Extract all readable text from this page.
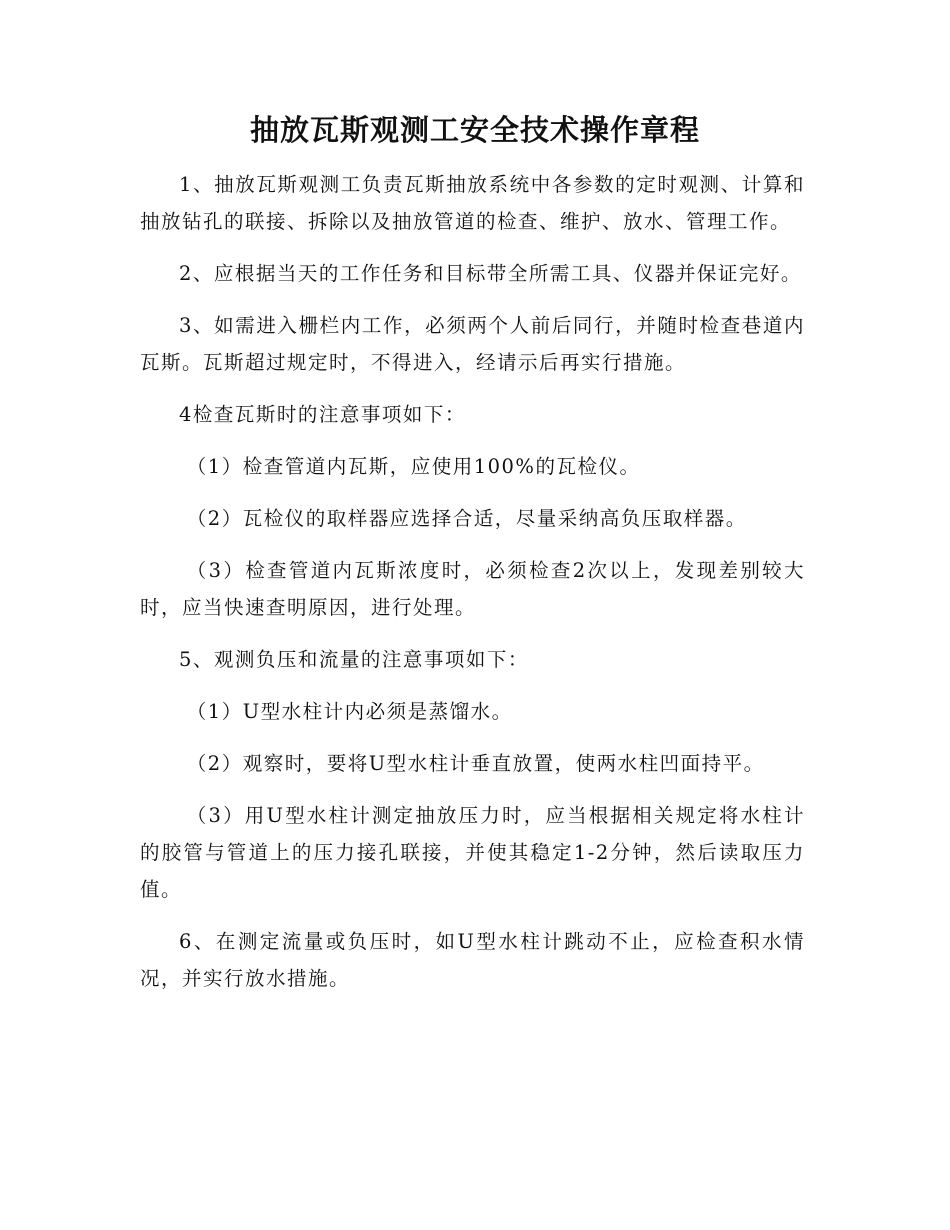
抽放瓦斯观测工安全技术操作章程

1、抽放瓦斯观测工负责瓦斯抽放系统中各参数的定时观测、计算和抽放钻孔的联接、拆除以及抽放管道的检查、维护、放水、管理工作。

2、应根据当天的工作任务和目标带全所需工具、仪器并保证完好。

3、如需进入栅栏内工作，必须两个人前后同行，并随时检查巷道内瓦斯。瓦斯超过规定时，不得进入，经请示后再实行措施。

4检查瓦斯时的注意事项如下：

（1）检查管道内瓦斯，应使用100%的瓦检仪。

（2）瓦检仪的取样器应选择合适，尽量采纳高负压取样器。

（3）检查管道内瓦斯浓度时，必须检查2次以上，发现差别较大时，应当快速查明原因，进行处理。

5、观测负压和流量的注意事项如下：

（1）U型水柱计内必须是蒸馏水。

（2）观察时，要将U型水柱计垂直放置，使两水柱凹面持平。

（3）用U型水柱计测定抽放压力时，应当根据相关规定将水柱计的胶管与管道上的压力接孔联接，并使其稳定1-2分钟，然后读取压力值。

6、在测定流量或负压时，如U型水柱计跳动不止，应检查积水情况，并实行放水措施。
